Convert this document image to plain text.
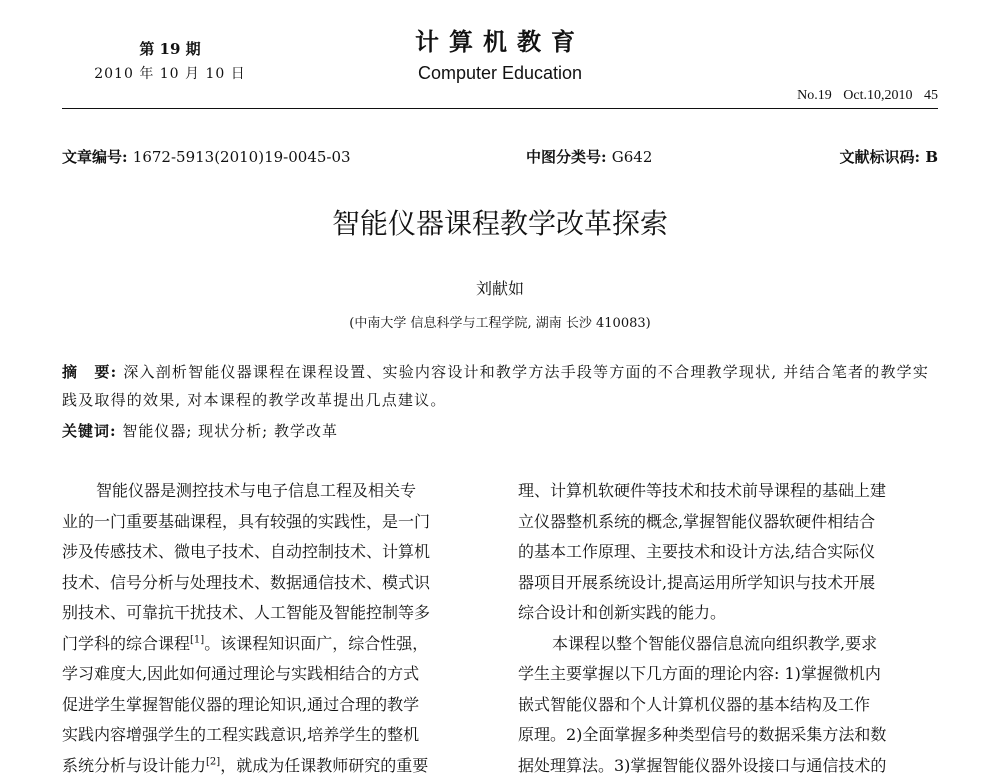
第 19 期
2010 年 10 月 10 日
计算机教育
Computer Education
No.19 Oct.10,2010 45
文章编号: 1672-5913(2010)19-0045-03	中图分类号: G642	文献标识码: B
智能仪器课程教学改革探索
刘献如
(中南大学 信息科学与工程学院, 湖南 长沙 410083)
摘　要: 深入剖析智能仪器课程在课程设置、实验内容设计和教学方法手段等方面的不合理教学现状, 并结合笔者的教学实践及取得的效果, 对本课程的教学改革提出几点建议。
关键词: 智能仪器; 现状分析; 教学改革
智能仪器是测控技术与电子信息工程及相关专
业的一门重要基础课程，具有较强的实践性，是一门
涉及传感技术、微电子技术、自动控制技术、计算机
技术、信号分析与处理技术、数据通信技术、模式识
别技术、可靠抗干扰技术、人工智能及智能控制等多
门学科的综合课程[1]。该课程知识面广，综合性强，
学习难度大,因此如何通过理论与实践相结合的方式
促进学生掌握智能仪器的理论知识,通过合理的教学
实践内容增强学生的工程实践意识,培养学生的整机
系统分析与设计能力[2]，就成为任课教师研究的重要
理、计算机软硬件等技术和技术前导课程的基础上建
立仪器整机系统的概念,掌握智能仪器软硬件相结合
的基本工作原理、主要技术和设计方法,结合实际仪
器项目开展系统设计,提高运用所学知识与技术开展
综合设计和创新实践的能力。
本课程以整个智能仪器信息流向组织教学,要求
学生主要掌握以下几方面的理论内容: 1)掌握微机内
嵌式智能仪器和个人计算机仪器的基本结构及工作
原理。2)全面掌握多种类型信号的数据采集方法和数
据处理算法。3)掌握智能仪器外设接口与通信技术的
